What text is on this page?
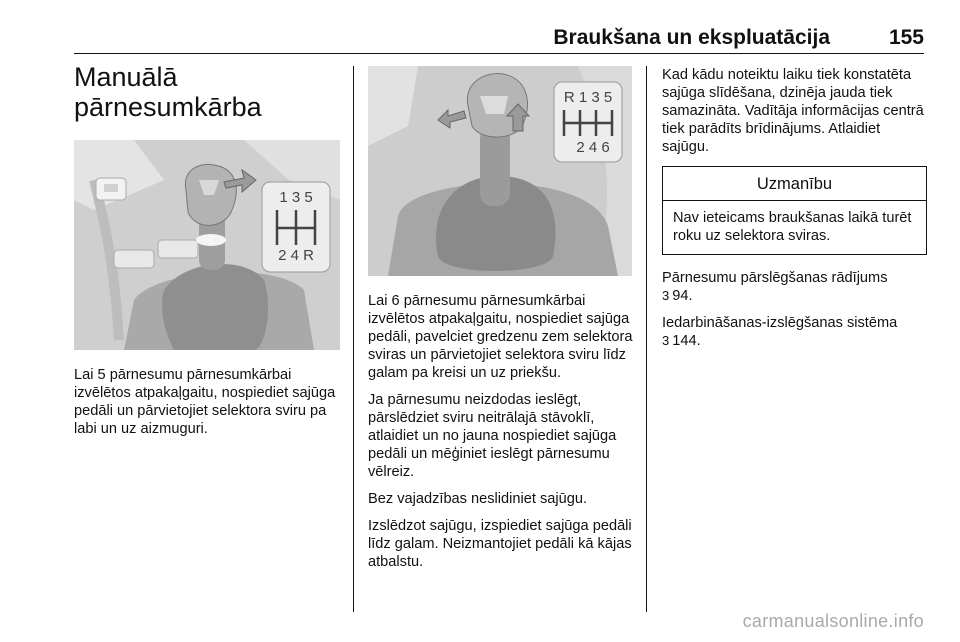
Braukšana un ekspluatācija	155
Manuālā
pārnesumkārba
1 3 5
2 4 R
R 1 3 5
2 4 6

Lai 5 pārnesumu pārnesumkārbai izvēlētos atpakaļgaitu, nospiediet sajūga pedāli un pārvietojiet selektora sviru pa labi un uz aizmuguri.

Lai 6 pārnesumu pārnesumkārbai izvēlētos atpakaļgaitu, nospiediet sajūga pedāli, pavelciet gredzenu zem selektora sviras un pārvietojiet selektora sviru līdz galam pa kreisi un uz priekšu.

Ja pārnesumu neizdodas ieslēgt, pārslēdziet sviru neitrālajā stāvoklī, atlaidiet un no jauna nospiediet sajūga pedāli un mēģiniet ieslēgt pārnesumu vēlreiz.

Bez vajadzības neslidiniet sajūgu.

Izslēdzot sajūgu, izspiediet sajūga pedāli līdz galam. Neizmantojiet pedāli kā kājas atbalstu.

Kad kādu noteiktu laiku tiek konstatēta sajūga slīdēšana, dzinēja jauda tiek samazināta. Vadītāja informācijas centrā tiek parādīts brīdinājums. Atlaidiet sajūgu.

Uzmanību
Nav ieteicams braukšanas laikā turēt roku uz selektora sviras.

Pārnesumu pārslēgšanas rādījums
3 94.

Iedarbināšanas-izslēgšanas sistēma
3 144.

carmanualsonline.info
